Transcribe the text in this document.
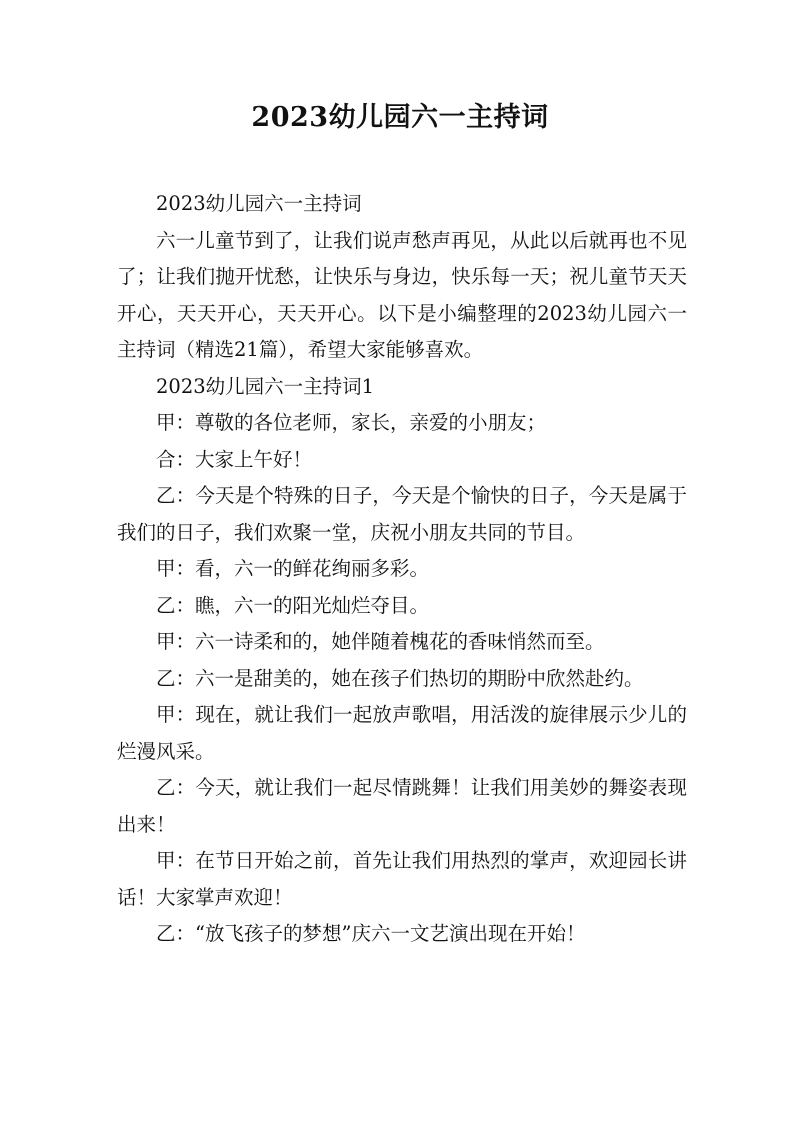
2023幼儿园六一主持词

2023幼儿园六一主持词

六一儿童节到了，让我们说声愁声再见，从此以后就再也不见了；让我们抛开忧愁，让快乐与身边，快乐每一天；祝儿童节天天开心，天天开心，天天开心。以下是小编整理的2023幼儿园六一主持词（精选21篇），希望大家能够喜欢。

2023幼儿园六一主持词1

甲：尊敬的各位老师，家长，亲爱的小朋友；

合：大家上午好！

乙：今天是个特殊的日子，今天是个愉快的日子，今天是属于我们的日子，我们欢聚一堂，庆祝小朋友共同的节目。

甲：看，六一的鲜花绚丽多彩。

乙：瞧，六一的阳光灿烂夺目。

甲：六一诗柔和的，她伴随着槐花的香味悄然而至。

乙：六一是甜美的，她在孩子们热切的期盼中欣然赴约。

甲：现在，就让我们一起放声歌唱，用活泼的旋律展示少儿的烂漫风采。

乙：今天，就让我们一起尽情跳舞！让我们用美妙的舞姿表现出来！

甲：在节日开始之前，首先让我们用热烈的掌声，欢迎园长讲话！大家掌声欢迎！

乙：“放飞孩子的梦想”庆六一文艺演出现在开始！
